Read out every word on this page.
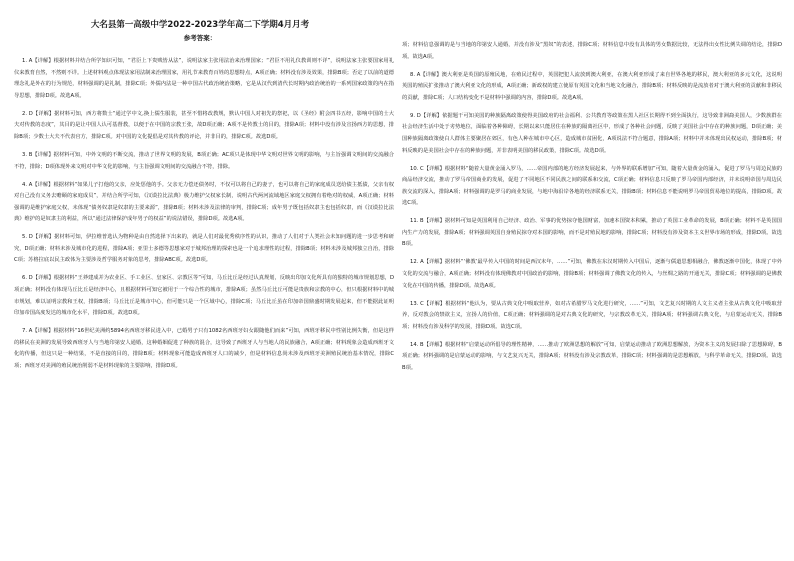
大名县第一高级中学2022-2023学年高二下学期4月月考
参考答案：

1. A【详解】根据材料并结合所学知识可知，“君臣上下贵贱皆从法”，说明法家主张用法治来治理国家；“君臣不用礼仪教训则不详”，说明法家主张要国家用礼仪来教育自然，不然则不详。上述材料观点体现法家用法制来治理国家，用礼节来教育百姓的思想特点，A项正确；材料没有涉及效果，排除B项；否定了以前的道德理念礼是外在的行为规范，材料强调的是礼制，排除C项；外儒内法是一种中国古代政治统治策略，它是从汉代到清代长时期内政治统治的一系列国家政策的内在指导思想，排除D项。故选A项。

2. D【详解】据材料可知，西方将数士“通过学中文,换上儒生服装，甚至不惜将改教规，默认中国人对祖先的祭祀，以《圣经》附会四书五经，影响中国的士大夫对传教的态度”，其目的是让中国人认可基督教，以便于在中国的宗教王张，故D项正确；A项不是传教士的目的，排除A项；材料中没有涉及宣扬西方的思想，排除B项；少数士大夫不代表官方，排除C项。对中国的文化提倡是对其传教的评论，并非目的，排除C项。故选D项。

3. B【详解】据材料可知，中外文明的不断交流，推动了世界文明的发展，B项正确；AC项只是体现中华文明对世界文明的影响，与主旨强调文明间的交流融合不符，排除；D项体现外来文明对中华文化的影响，与主旨强调文明间的交流融合不符，排除。

4. A【详解】根据材料“如果儿子打他的父亲，应处惩他的手。父亲无力偿还债务时，不仅可以将自己的妻子，也可以将自己的家庭成员送给债主抵债，父亲有权对自己没有义务去赡颐的家庭成员”，并结合所学可知，《汉谟拉比法典》极力维护父权家长制，说明古代两河流域地区家庭父权拥有着绝对的权威，A项正确；材料强调的是维护家庭父权，未体现“债务奴隶是奴隶的主要来源”，排除B项；材料未涉及法律的审判，排除C项；成年男子既包括奴隶主也包括奴隶，而《汉谟拉比法典》维护的是奴隶主的利益，所以“通过法律保护成年男子的权益”的说法错误，排除D项。故选A项。

5. D【详解】据材料可知，伊拉维普选认为物种是由自然选择下出来的，就是人们对最优秀秩序性的认识，推动了人们对于人类社会未知问题的进一步思考和研究，D项正确；材料未涉及城市化的进程，排除A项；亚里士多德等思想家对于城邦治理的探索也是一个追求理性的过程，排除B项；材料未涉及城邦独立自治，排除C项；苏格拉底以民主政体为主要涉及哲学服务对象的思考，排除ABC项。故选D项。

6. D【详解】根据材料“王莽建成并为农业区、手工业区、皇家区、宗教区等”可知，马丘比丘是经过认真规划，反映出印加文化所具有的独特的城市规划思想，D项正确；材料没有体现马丘比丘是经济中心，且根据材料可知它被用于一个综合性的城市，排除A项；虽然马丘比丘可能是贵族和宗教的中心，但只根据材料中的城市规划，难以证明宗教和王权，排除B项；马丘比丘是城市中心，但可能只是一个区域中心，排除C项；马丘比丘虽在印加帝国鼎盛时期发展起来，但不能据此证明印加帝国高度发达的城市化水平，排除D项。故选D项。

7. A【详解】根据材料“16世纪美洲约5894名西班牙移民进入中，已婚男子只有1082名西班牙妇女跟随他们而来”可知，西班牙移民中性别比例失衡，但是这样的移民在美洲的发展导致西班牙人与当地印第安人通婚，这种婚姻促进了种族的混合，这导致了西班牙人与当地人的民族融合，A项正确；材料现象会造成西班牙文化的传播，但这只是一种结果，不是直接的目的，排除B项；材料现象可能造成西班牙人口的减少，但是材料信息尚未涉及西班牙美洲殖民统治基本情况，排除C项；西班牙对美洲的殖民统治削弱不是材料现象的主要影响，排除D项。

项；材料信息强调的是与当地的印第安人通婚，并没有涉及“黑奴”的表述，排除C项；材料信息中没有具体的男女数据比较，无法得出女性比例失调的结论，排除D项。故选A项。

8. A【详解】澳大利亚是英国的原殖民地，在殖民过程中，英国把犯人流放到澳大利亚，在澳大利亚形成了来自世界各地的移民，澳大利亚的多元文化，这说明英国的殖民扩张推动了澳大利亚文化的形成，A项正确；新政权的建立使原有英国文化和当地文化融合，排除B项；材料反映的是流放者对于澳大利亚的贡献和非移民的贡献，排除C项；人口结构变化不是材料中强调的内容，排除D项。故选A项。

9. D【详解】依据题干可知美国的种族隔离政策使得美国政府的社会福利、公共教育等政策在黑人社区长期得不到全面执行，这导致非洲裔美国人，少数族群在社会经济生活中处于劣势地位，面临着各种障碍，长期以来只能居住在种族的隔离社区中，形成了各种社会问题，反映了美国社会中存在的种族问题，D项正确；美国种族隔离政策使白人群体主要聚居在郊区，有色人种在城市中心区，造成城市贫困化，A项说法不符合题意，排除A项；材料中并未体现出民权运动，排除B项；材料反映的是美国社会中存在的种族问题，并非表明美国的移民政策，排除C项。故选D项。

10. C【详解】根据材料“随着大量黄金涌入罗马，……帝国内部的地方经济发展起来，与外界的联系增加”可知，随着大量黄金的涌入，促进了罗马与周边民族的商品经济交流，推动了罗马帝国商业的发展，促进了不同地区不同民族之间的联系和交流，C项正确；材料信息只反映了罗马帝国内部经济，并未说明帝国与周边民族交流的深入，排除A项；材料强调的是罗马的商业发展，与地中海沿岸各地的经济联系无关，排除B项；材料信息不能说明罗马帝国贸易地位的提高，排除D项。故选C项。

11. B【详解】据材料可知是英国利用自己经济、政治、军事的优势掠夺他国财富，加速本国资本积累，推动了英国工业革命的发展，B项正确；材料不是英国国内生产力的发展，排除A项；材料强调英国自身殖民掠夺对本国的影响，而不是对殖民地的影响，排除C项；材料没有涉及资本主义世界市场的形成，排除D项。故选B项。

12. A【详解】据材料“‘佛教’最早传入中国的时间是西汉末年，……”可知，佛教在东汉时期传入中国后，逐渐与儒道思想相融合，佛教逐渐中国化，体现了中外文化的交流与融合，A项正确；材料没有体现佛教对中国政治的影响，排除B项；材料强调了佛教文化的传入，与丝绸之路的开通无关，排除C项；材料强调的是佛教文化在中国的传播，排除D项。故选A项。

13. C【详解】根据材料“他认为，要从古典文化中吸取营养，如对古希腊罗马文化进行研究，……”可知，文艺复兴时期的人文主义者主张从古典文化中吸取营养，反对教会的禁欲主义，宣扬人的价值，C项正确；材料强调的是对古典文化的研究，与宗教改革无关，排除A项；材料强调古典文化，与启蒙运动无关，排除B项；材料没有涉及科学的发展，排除D项。故选C项。

14. B【详解】根据材料“启蒙运动所倡导的理性精神，……推动了欧洲思想的解放”可知，启蒙运动推动了欧洲思想解放，为资本主义的发展扫除了思想障碍，B项正确；材料强调的是启蒙运动的影响，与文艺复兴无关，排除A项；材料没有涉及宗教改革，排除C项；材料强调的是思想解放，与科学革命无关，排除D项。故选B项。
